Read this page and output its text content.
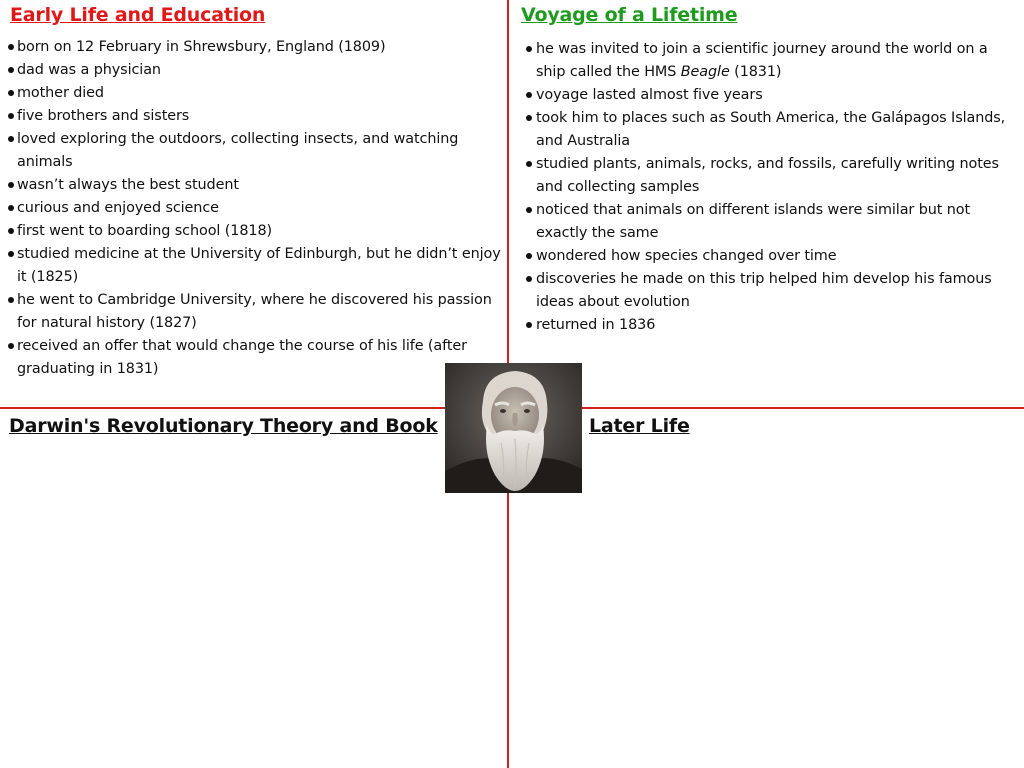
Early Life and Education
born on 12 February in Shrewsbury, England (1809)
dad was a physician
mother died
five brothers and sisters
loved exploring the outdoors, collecting insects, and watching animals
wasn’t always the best student
curious and enjoyed science
first went to boarding school (1818)
studied medicine at the University of Edinburgh, but he didn’t enjoy it (1825)
he went to Cambridge University, where he discovered his passion for natural history (1827)
received an offer that would change the course of his life (after graduating in 1831)
Voyage of a Lifetime
he was invited to join a scientific journey around the world on a ship called the HMS Beagle (1831)
voyage lasted almost five years
took him to places such as South America, the Galápagos Islands, and Australia
studied plants, animals, rocks, and fossils, carefully writing notes and collecting samples
noticed that animals on different islands were similar but not exactly the same
wondered how species changed over time
discoveries he made on this trip helped him develop his famous ideas about evolution
returned in 1836
Darwin's Revolutionary Theory and Book	Later Life
